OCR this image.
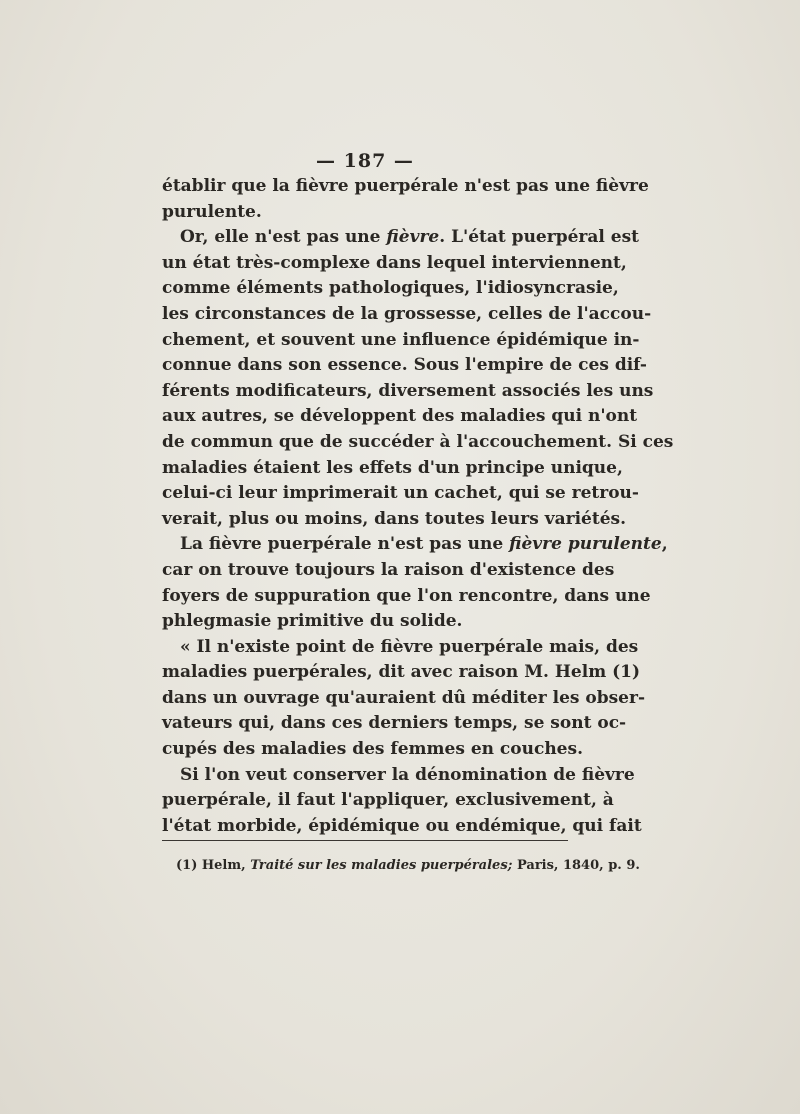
— 187 —
établir que la fièvre puerpérale n'est pas une fièvre
purulente.
Or, elle n'est pas une fièvre. L'état puerpéral est
un état très-complexe dans lequel interviennent,
comme éléments pathologiques, l'idiosyncrasie,
les circonstances de la grossesse, celles de l'accou-
chement, et souvent une influence épidémique in-
connue dans son essence. Sous l'empire de ces dif-
férents modificateurs, diversement associés les uns
aux autres, se développent des maladies qui n'ont
de commun que de succéder à l'accouchement. Si ces
maladies étaient les effets d'un principe unique,
celui-ci leur imprimerait un cachet, qui se retrou-
verait, plus ou moins, dans toutes leurs variétés.
La fièvre puerpérale n'est pas une fièvre purulente,
car on trouve toujours la raison d'existence des
foyers de suppuration que l'on rencontre, dans une
phlegmasie primitive du solide.
« Il n'existe point de fièvre puerpérale mais, des
maladies puerpérales, dit avec raison M. Helm (1)
dans un ouvrage qu'auraient dû méditer les obser-
vateurs qui, dans ces derniers temps, se sont oc-
cupés des maladies des femmes en couches.
Si l'on veut conserver la dénomination de fièvre
puerpérale, il faut l'appliquer, exclusivement, à
l'état morbide, épidémique ou endémique, qui fait
(1) Helm, Traité sur les maladies puerpérales; Paris, 1840, p. 9.
